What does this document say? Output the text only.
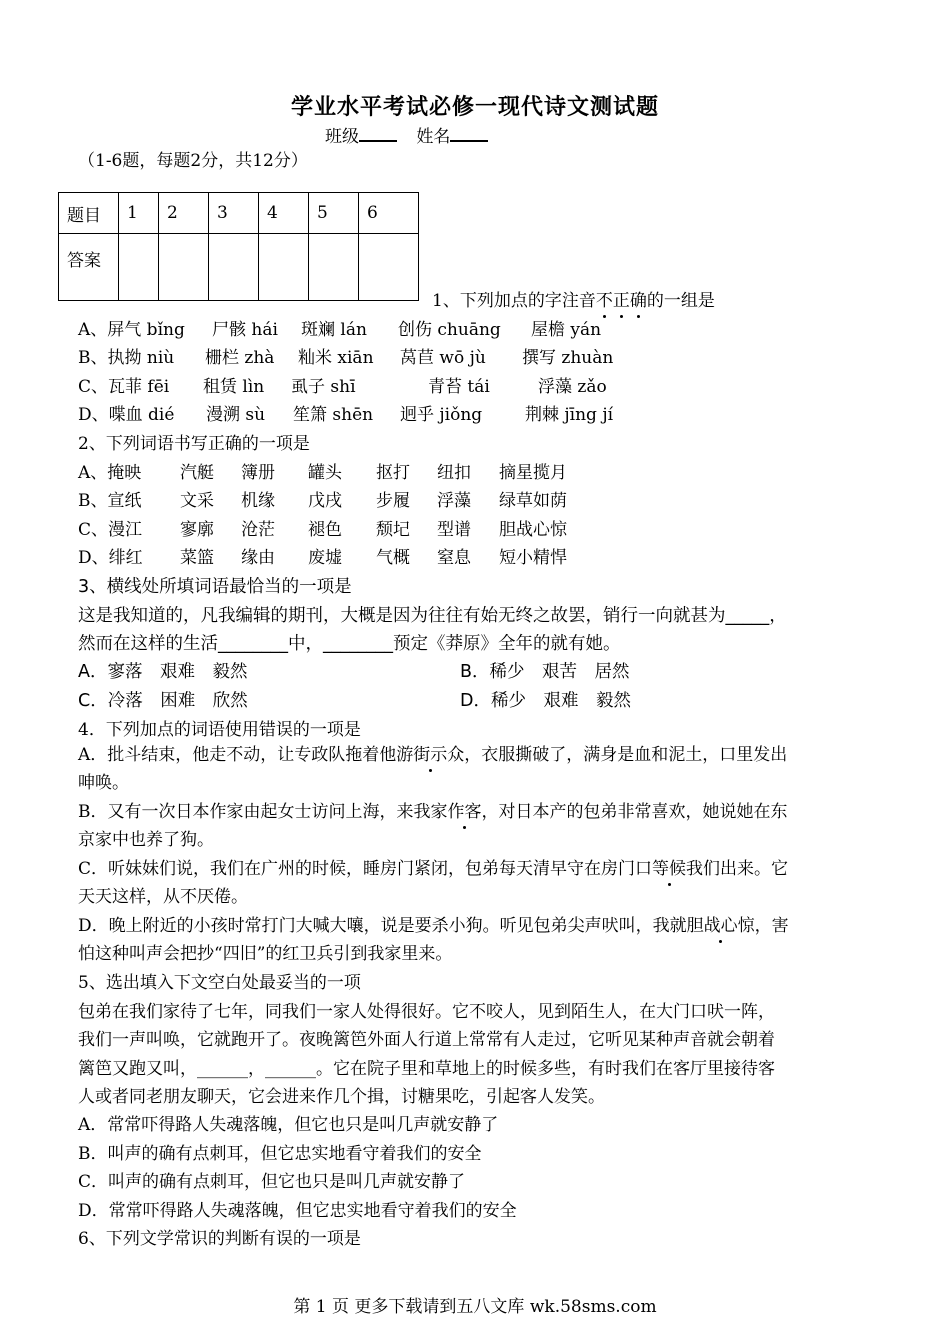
学业水平考试必修一现代诗文测试题
班级	姓名
（1-6题，每题2分，共12分）
题目	1	2	3	4	5	6
答案						
1、下列加点的字注音不正确的一组是
A、屏气 bǐng 尸骸 hái 斑斓 lán 创伤 chuāng 屋檐 yán
B、执拗 niù 栅栏 zhà 籼米 xiān 莴苣 wō jù 撰写 zhuàn
C、瓦菲 fēi 租赁 lìn 虱子 shī	青苔 tái	浮藻 zǎo
D、喋血 dié 漫溯 sù 笙箫 shēn 迥乎 jiǒng	荆棘 jīng jí
2、下列词语书写正确的一项是
A、掩映 汽艇 簿册 罐头 抠打 纽扣 摘星揽月
B、宣纸 文采 机缘 戊戌 步履 浮藻 绿草如荫
C、漫江 寥廓 沧茫 褪色 颓圮 型谱 胆战心惊
D、绯红 菜篮 缘由 废墟 气概 窒息 短小精悍
3、横线处所填词语最恰当的一项是
这是我知道的，凡我编辑的期刊，大概是因为往往有始无终之故罢，销行一向就甚为_____，
然而在这样的生活________中，________预定《莽原》全年的就有她。
A．寥落　艰难　毅然	B．稀少　艰苦　居然
C．冷落　困难　欣然	D．稀少　艰难　毅然
4．下列加点的词语使用错误的一项是
A．批斗结束，他走不动，让专政队拖着他游街示众，衣服撕破了，满身是血和泥土，口里发出
呻唤。
B．又有一次日本作家由起女士访问上海，来我家作客，对日本产的包弟非常喜欢，她说她在东
京家中也养了狗。
C．听妹妹们说，我们在广州的时候，睡房门紧闭，包弟每天清早守在房门口等候我们出来。它
天天这样，从不厌倦。
D．晚上附近的小孩时常打门大喊大嚷，说是要杀小狗。听见包弟尖声吠叫，我就胆战心惊，害
怕这种叫声会把抄“四旧”的红卫兵引到我家里来。
5、选出填入下文空白处最妥当的一项
包弟在我们家待了七年，同我们一家人处得很好。它不咬人，见到陌生人，在大门口吠一阵，
我们一声叫唤，它就跑开了。夜晚篱笆外面人行道上常常有人走过，它听见某种声音就会朝着
篱笆又跑又叫，______，______。它在院子里和草地上的时候多些，有时我们在客厅里接待客
人或者同老朋友聊天，它会进来作几个揖，讨糖果吃，引起客人发笑。
A．常常吓得路人失魂落魄，但它也只是叫几声就安静了
B．叫声的确有点刺耳，但它忠实地看守着我们的安全
C．叫声的确有点刺耳，但它也只是叫几声就安静了
D．常常吓得路人失魂落魄，但它忠实地看守着我们的安全
6、下列文学常识的判断有误的一项是
第 1 页 更多下载请到五八文库 wk.58sms.com
